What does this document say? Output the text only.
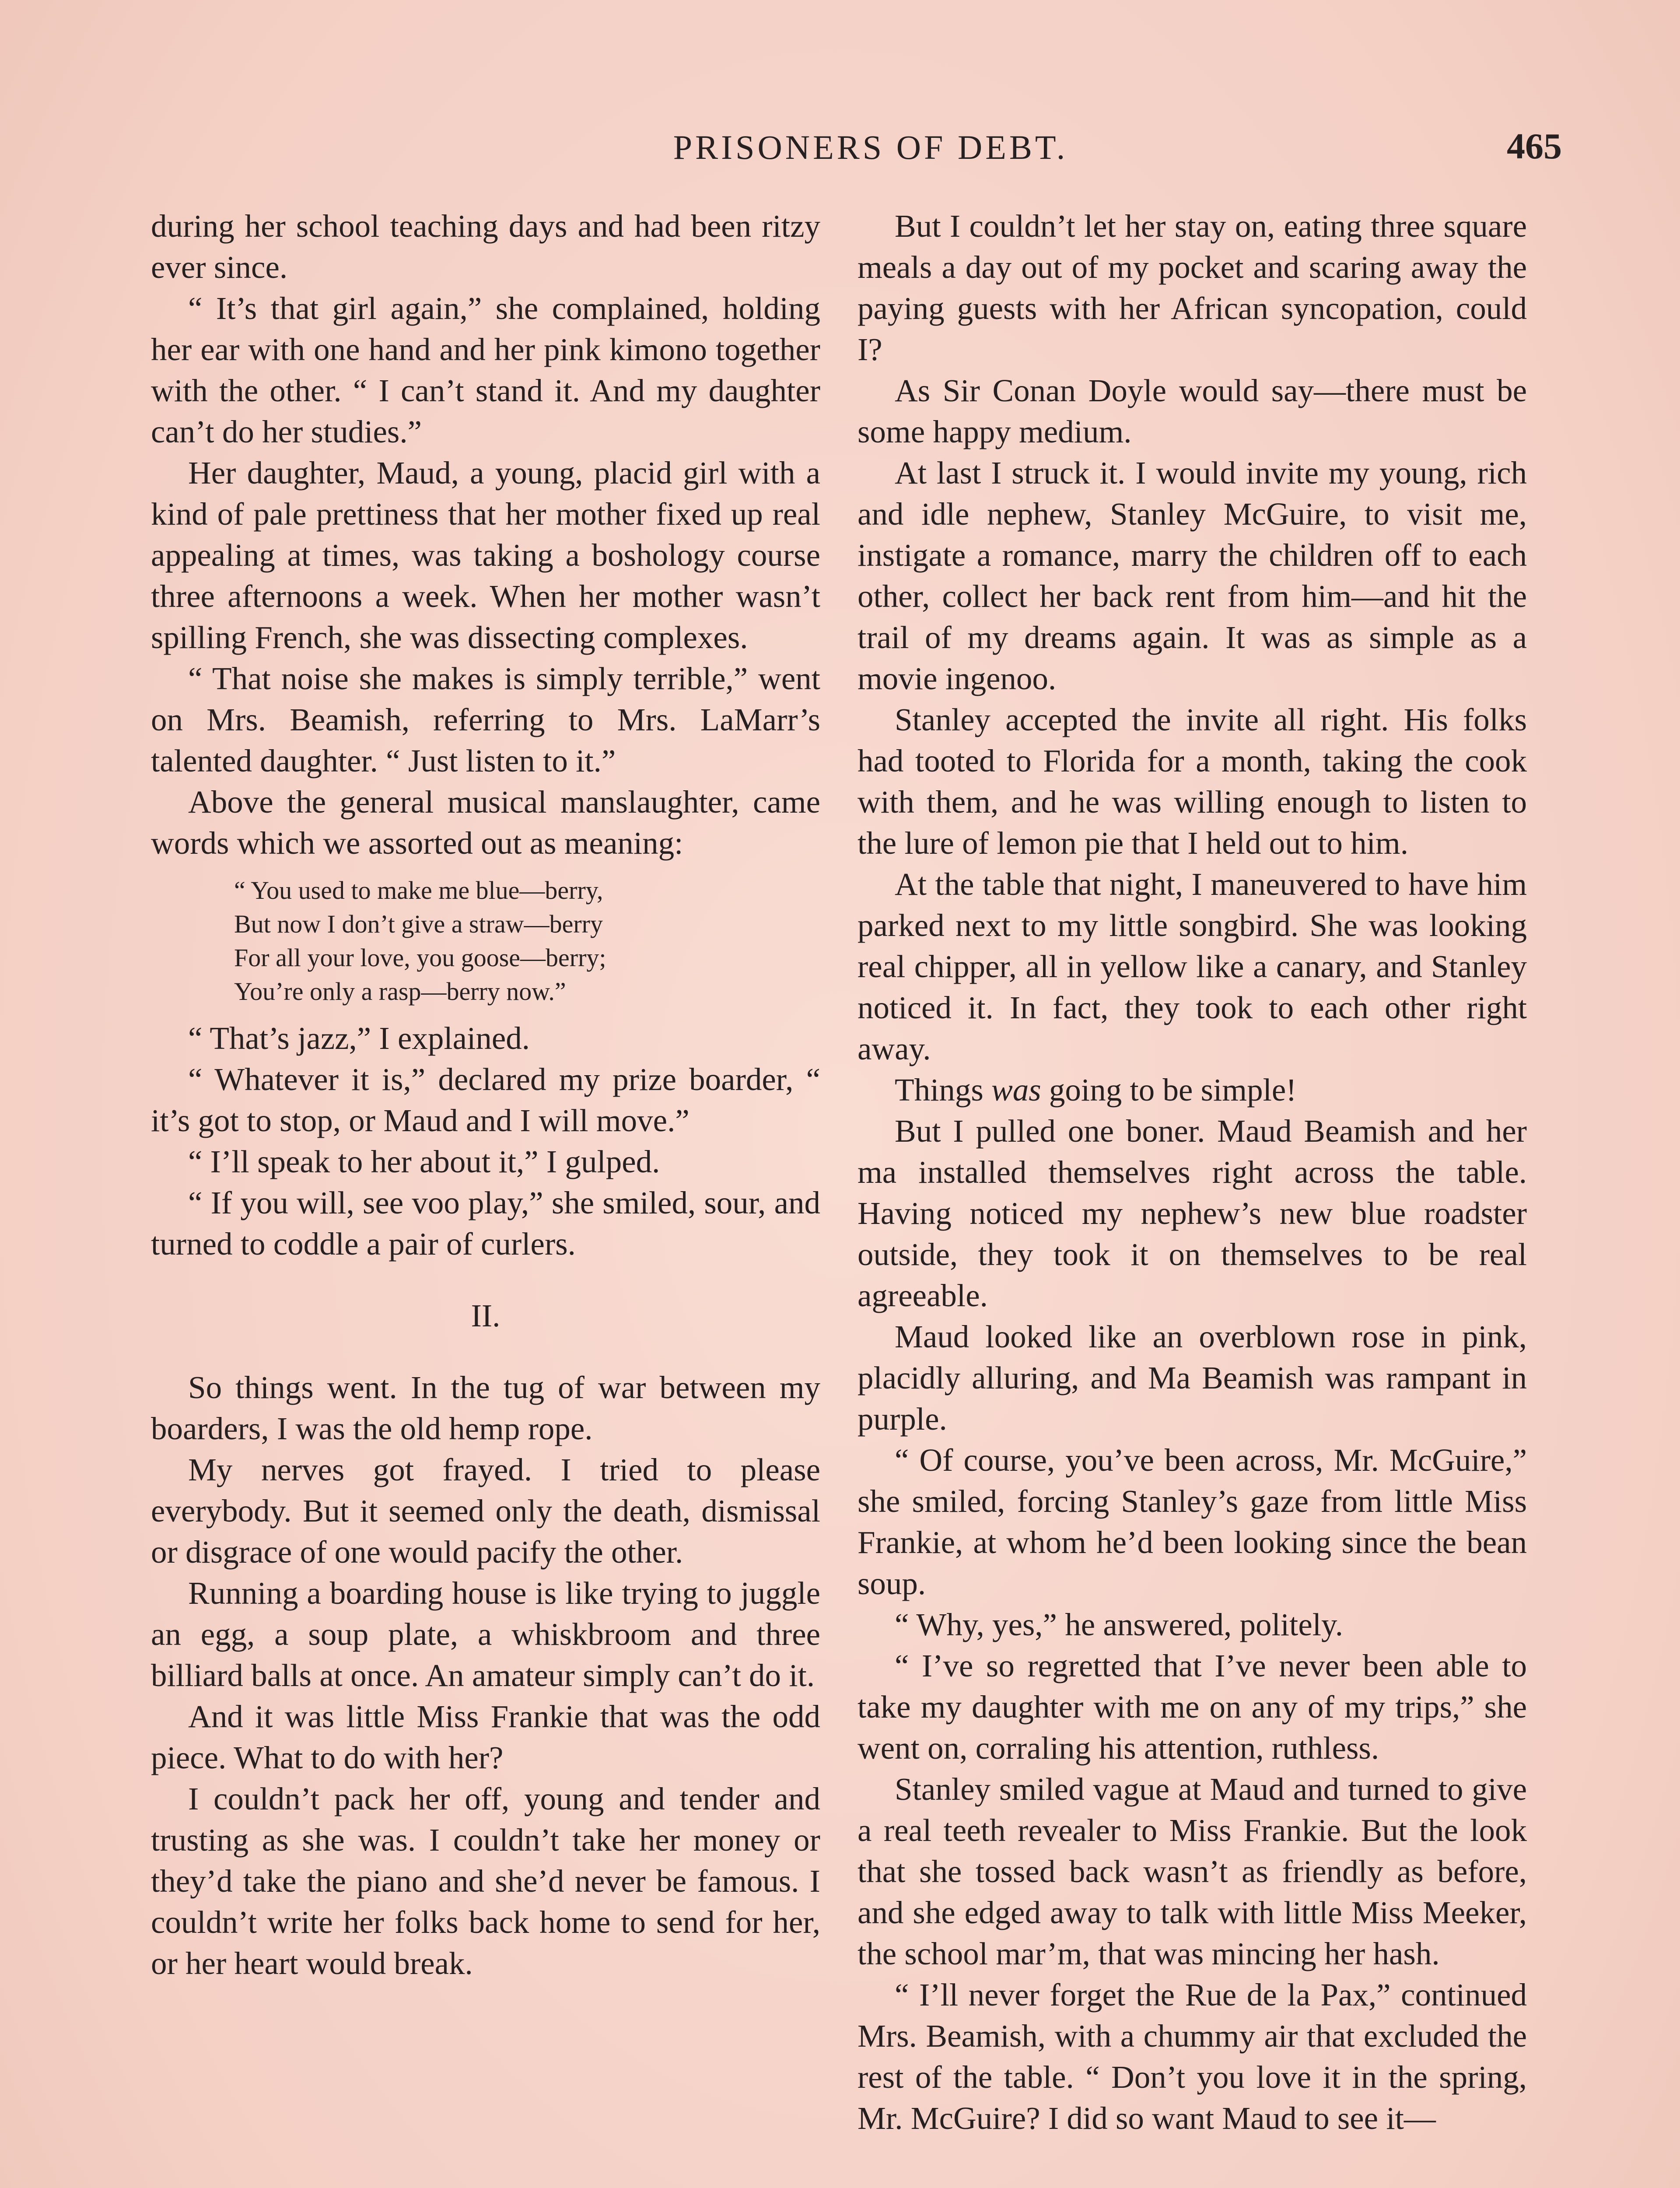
PRISONERS OF DEBT.	465

during her school teaching days and had been ritzy ever since.

“ It’s that girl again,” she complained, holding her ear with one hand and her pink kimono together with the other. “ I can’t stand it. And my daughter can’t do her studies.”

Her daughter, Maud, a young, placid girl with a kind of pale prettiness that her mother fixed up real appealing at times, was taking a boshology course three afternoons a week. When her mother wasn’t spilling French, she was dissecting complexes.

“ That noise she makes is simply terrible,” went on Mrs. Beamish, referring to Mrs. LaMarr’s talented daughter. “ Just listen to it.”

Above the general musical manslaughter, came words which we assorted out as meaning:

“ You used to make me blue—berry,
But now I don’t give a straw—berry
For all your love, you goose—berry;
You’re only a rasp—berry now.”

“ That’s jazz,” I explained.

“ Whatever it is,” declared my prize boarder, “ it’s got to stop, or Maud and I will move.”

“ I’ll speak to her about it,” I gulped.

“ If you will, see voo play,” she smiled, sour, and turned to coddle a pair of curlers.

II.

So things went. In the tug of war between my boarders, I was the old hemp rope.

My nerves got frayed. I tried to please everybody. But it seemed only the death, dismissal or disgrace of one would pacify the other.

Running a boarding house is like trying to juggle an egg, a soup plate, a whiskbroom and three billiard balls at once. An amateur simply can’t do it.

And it was little Miss Frankie that was the odd piece. What to do with her?

I couldn’t pack her off, young and tender and trusting as she was. I couldn’t take her money or they’d take the piano and she’d never be famous. I couldn’t write her folks back home to send for her, or her heart would break.

But I couldn’t let her stay on, eating three square meals a day out of my pocket and scaring away the paying guests with her African syncopation, could I?

As Sir Conan Doyle would say—there must be some happy medium.

At last I struck it. I would invite my young, rich and idle nephew, Stanley McGuire, to visit me, instigate a romance, marry the children off to each other, collect her back rent from him—and hit the trail of my dreams again. It was as simple as a movie ingenoo.

Stanley accepted the invite all right. His folks had tooted to Florida for a month, taking the cook with them, and he was willing enough to listen to the lure of lemon pie that I held out to him.

At the table that night, I maneuvered to have him parked next to my little songbird. She was looking real chipper, all in yellow like a canary, and Stanley noticed it. In fact, they took to each other right away.

Things was going to be simple!

But I pulled one boner. Maud Beamish and her ma installed themselves right across the table. Having noticed my nephew’s new blue roadster outside, they took it on themselves to be real agreeable.

Maud looked like an overblown rose in pink, placidly alluring, and Ma Beamish was rampant in purple.

“ Of course, you’ve been across, Mr. McGuire,” she smiled, forcing Stanley’s gaze from little Miss Frankie, at whom he’d been looking since the bean soup.

“ Why, yes,” he answered, politely.

“ I’ve so regretted that I’ve never been able to take my daughter with me on any of my trips,” she went on, corraling his attention, ruthless.

Stanley smiled vague at Maud and turned to give a real teeth revealer to Miss Frankie. But the look that she tossed back wasn’t as friendly as before, and she edged away to talk with little Miss Meeker, the school mar’m, that was mincing her hash.

“ I’ll never forget the Rue de la Pax,” continued Mrs. Beamish, with a chummy air that excluded the rest of the table. “ Don’t you love it in the spring, Mr. McGuire? I did so want Maud to see it—
